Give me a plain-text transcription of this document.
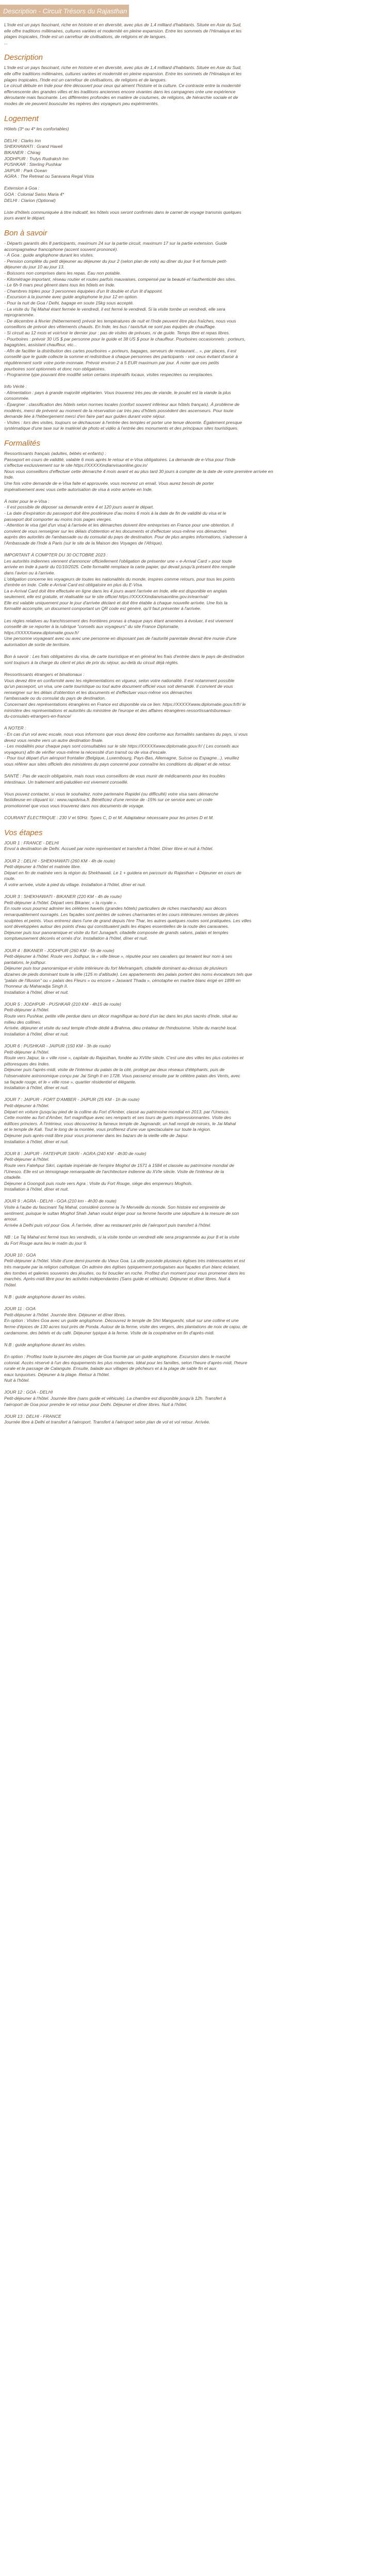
Description - Circuit Trésors du Rajasthan et extension Goa ***

L'Inde est un pays fascinant, riche en histoire et en diversité, avec plus de 1,4 milliard d'habitants. Située en Asie du Sud,

elle offre traditions millénaires, cultures variées et modernité en pleine expansion. Entre les sommets de l'Himalaya et les

plages tropicales, l'Inde est un carrefour de civilisations, de religions et de langues.

...

Description

L'Inde est un pays fascinant, riche en histoire et en diversité, avec plus de 1,4 milliard d'habitants. Située en Asie du Sud,

elle offre traditions millénaires, cultures variées et modernité en pleine expansion. Entre les sommets de l'Himalaya et les

plages tropicales, l'Inde est un carrefour de civilisations, de religions et de langues.

Le circuit débute en Inde pour être découvert pour ceux qui aiment l'histoire et la culture. Ce contraste entre la modernité

effervescente des grandes villes et les traditions anciennes encore vivantes dans les campagnes crée une expérience

déroutante mais fascinante. Les différentes profondes en matière de coutumes, de religions, de hiérarchie sociale et de

modes de vie peuvent bousculer les repères des voyageurs peu expérimentés.

Logement

Hôtels (3* ou 4* les confortables)

DELHI : Clarks Inn

SHEKHAWATI : Grand Haveli

BIKANER : Chirag

JODHPUR : Trulys Rudraksh Inn

PUSHKAR : Sterling Pushkar

JAIPUR : Park Ocean

AGRA : The Retreat ou Saravana Regal Vista

Extension à Goa :

GOA : Colonial Swiss Maria 4*

DELHI : Clarion (Optional)

Liste d'hôtels communiquée à titre indicatif, les hôtels vous seront confirmés dans le carnet de voyage transmis quelques

jours avant le départ.

Bon à savoir

- Départs garantis dès 8 participants, maximum 24 sur la partie circuit, maximum 17 sur la partie extension. Guide

accompagnateur francophone (accent souvent prononcé).

- À Goa : guide anglophone durant les visites.

- Pension complète du petit déjeuner au déjeuner du jour 2 (selon plan de vols) au dîner du jour 9 et formule petit-

déjeuner du jour 10 au jour 13.

- Boissons non comprises dans les repas. Eau non potable.

- Kilométrage important, réseau routier et routes parfois mauvaises, compensé par la beauté et l'authenticité des sites.

- Le 6h-9 mars peut gênent dans tous les hôtels en Inde.

- Chambres triples pour 3 personnes équipées d'un lit double et d'un lit d'appoint.

- Excursion à la journée avec guide anglophone le jour 12 en option.

- Pour la nuit de Goa / Delhi, bagage en soute 15kg sous accepté.

- La visite du Taj Mahal étant fermée le vendredi, il est fermé le vendredi. Si la visite tombe un vendredi, elle sera

reprogrammée.

- De décembre à février (hébernement) prévoir les températures de nuit et l'Inde peuvent être plus fraîches, nous vous

conseillons de prévoir des vêtements chauds. En Inde, les bus / taxis/tuk ne sont pas équipés de chauffage.

- Si circuit au 12 mois et voir/voir le dernier jour : pas de visites de prévues, ni de guide. Temps libre et repas libres.

- Pourboires : prévoir 30 US $ par personne pour le guide et 38 US $ pour le chauffeur. Pourboires occasionnels : porteurs,

bagagistes, assistant chauffeur, etc...

- Afin de faciliter la distribution des cartes pourboires « porteurs, bagages, serveurs de restaurant... », par places, il est

conseillé que le guide collecte la somme et redistribue à chaque personnes des participants - voir ceux évitant d'avoir à

régulièrement sortir votre porte-monnaie. Prévoir environ 2 à 5 EUR maximum par jour. À noter que ces petits

pourboires sont optionnels et donc non obligatoires.

- Programme type pouvant être modifié selon certains impératifs locaux, visites respectées ou remplacées.

Info Vérité :

- Alimentation : pays à grande majorité végétarien. Vous trouverez très peu de viande, le poulet est la viande la plus

consommée.

- Épargner : classification des hôtels selon normes locales (confort souvent inférieur aux hôtels français). À problème de

modérés, merci de prévenir au moment de la réservation car très peu d'hôtels possèdent des ascenseurs. Pour toute

demande liée à l'hébergement merci d'en faire part aux guides durant votre séjour.

- Visites : lors des visites, toujours se déchausser à l'entrée des temples et porter une tenue décente. Également presque

systématique d'une taxe sur le matériel de photo et vidéo à l'entrée des monuments et des principaux sites touristiques.

Formalités

Ressortissants français (adultes, bébés et enfants) :

Passeport en cours de validité, valable 6 mois après le retour et e-Visa obligatoires. La demande de e-Visa pour l'Inde

s'effectue exclusivement sur le site https://XXXXXindianvisaonline.gov.in/

Nous vous conseillons d'effectuer cette démarche 4 mois avant et au plus tard 30 jours à compter de la date de votre première arrivée en

Inde.

Une fois votre demande de e-Visa faite et approuvée, vous recevrez un email. Vous aurez besoin de porter

impérativement avec vous cette autorisation de visa à votre arrivée en Inde.

À noter pour le e-Visa :

- Il est possible de déposer sa demande entre 4 et 120 jours avant le départ.

- La date d'expiration du passeport doit être postérieure d'au moins 6 mois à la date de fin de validité du visa et le

passeport doit comporter au moins trois pages vierges.

- Attention le visa (gel d'un visa) à l'arrivée et les démarches doivent être entreprises en France pour une obtention. Il

convient de vous renseigner sur les délais d'obtention et les documents et d'effectuer vous-même vos démarches

auprès des autorités de l'ambassade ou du consulat du pays de destination. Pour de plus amples informations, s'adresser à

l'Ambassade de l'Inde à Paris (sur le site de la Maison des Voyages de l'Afrique).

IMPORTANT À COMPTER DU 30 OCTOBRE 2023 :

Les autorités indiennes viennent d'annoncer officiellement l'obligation de présenter une « e-Arrival Card » pour toute

arrivée en Inde à partir du 01/10/2025. Cette formalité remplace la carte papier, qui devait jusqu'à présent être remplie

dans l'avion ou à l'arrivée.

L'obligation concerne les voyageurs de toutes les nationalités du monde, inspires comme retours, pour tous les points

d'entrée en Inde. Celle e-Arrival Card est obligatoire en plus du E-Visa.

La e-Arrival Card doit être effectuée en ligne dans les 4 jours avant l'arrivée en Inde, elle est disponible en anglais

seulement, elle est gratuite, et réalisable sur le site officiel https://XXXXXindianvisaonline.gov.in/earrival/

Elle est valable uniquement pour le jour d'arrivée déclaré et doit être établie à chaque nouvelle arrivée. Une fois la

formalité accomplie, un document comportant un QR code est généré, qu'il faut présenter à l'arrivée.

Les règles relatives au franchissement des frontières pronas à chaque pays étant amenées à évoluer, il est vivement

conseillé de se reporter à la rubrique "conseils aux voyageurs" du site France Diplomatie,

https://XXXXXwww.diplomatie.gouv.fr/

Une personne voyageant avec ou avec une personne en disposant pas de l'autorité parentale devrait être munie d'une

autorisation de sortie de territoire.

Bon à savoir : Les frais obligatoires du visa, de carte touristique et en général les frais d'entrée dans le pays de destination

sont toujours à la charge du client et plus de prix du séjour, au-delà du circuit déjà réglés.

Ressortissants étrangers et binationaux :

Vous devez être en conformité avec les réglementations en vigueur, selon votre nationalité. Il est notamment possible

qu'un passeport, un visa, une carte touristique ou tout autre document officiel vous soit demandé. Il convient de vous

renseigner sur les délais d'obtention et les documents et d'effectuer vous-même vos démarches

l'ambassade ou du consulat du pays de destination.

Concernant des représentations étrangères en France est disponible via ce lien: https://XXXXXwww.diplomatie.gouv.fr/fr/ le

ministère des représentations et autorités du ministère de l'europe et des affaires étrangères-ressortissantsbureaux-

du-consulats-etrangers-en-france/

A NOTER :

- En cas d'un vol avec escale, nous vous informons que vous devez être conforme aux formalités sanitaires du pays, si vous

devez vous rendre vers un autre destination finale.

- Les modalités pour chaque pays sont consultables sur le site https://XXXXXwww.diplomatie.gouv.fr/ ( Les conseils aux

voyageurs) afin de vérifier vous-même la nécessité d'un transit ou de visa d'escale.

- Pour tout départ d'un aéroport frontalier (Belgique, Luxembourg, Pays-Bas, Allemagne, Suisse ou Espagne...), veuillez

vous référer aux sites officiels des ministères du pays concerné pour connaître les conditions du départ et de retour.

SANTÉ : Pas de vaccin obligatoire, mais nous vous conseillons de vous munir de médicaments pour les troubles

intestinaux. Un traitement anti-paludéen est vivement conseillé.

Vous pouvez contacter, si vous le souhaitez, notre partenaire Rapidel (ou difficulté) votre visa sans démarche

fastidieuse en cliquant ici : www.rapidvisa.fr. Bénéficiez d'une remise de -15% sur ce service avec un code

promotionnel que vous vous trouverez dans nos documents de voyage.

COURANT ÉLECTRIQUE : 230 V et 50Hz. Types C, D et M. Adaptateur nécessaire pour les prises D et M.

Vos étapes

JOUR 1 : FRANCE - DELHI

Envol à destination de Delhi. Accueil par notre représentant et transfert à l'hôtel. Dîner libre et nuit à l'hôtel.

JOUR 2 : DELHI - SHEKHAWATI (260 KM - 4h de route)

Petit-déjeuner à l'hôtel et matinée libre.

Départ en fin de matinée vers la région du Shekhawati. Le 1 + guidera en parcourir du Rajasthan « Déjeuner en cours de

route.

À votre arrivée, visite à pied du village. Installation à l'hôtel, dîner et nuit.

JOUR 3 : SHEKHAWATI - BIKANER (220 KM - 4h de route)

Petit-déjeuner à l'hôtel. Départ vers Bikaner, « la royale ».

En route vous pourrez admirer les célèbres havelis (grandes hôtels) particuliers de riches marchands) aux décors

remarquablement ouvragés. Les façades sont peintes de scènes charmantes et les cours intérieures remises de pièces

sculptées et peints. Vous entrerez dans l'une de grand depuis l'ère Thar, les autres quelques routes sont pratiquées. Les villes

sont développées autour des points d'eau qui constituaient jadis les étapes essentielles de la route des caravanes.

Déjeuner puis tour panoramique et visite du fort Junagarh, citadelle composée de grands salons, palais et temples

somptueusement décorés et ornés d'or. Installation à l'hôtel, dîner et nuit.

JOUR 4 : BIKANER - JODHPUR (260 KM - 5h de route)

Petit-déjeuner à l'hôtel. Route vers Jodhpur, la « ville bleue », réputée pour ses cavaliers qui tenaient leur nom à ses

pantalons, le jodhpur.

Déjeuner puis tour panoramique et visite intérieure du fort Mehrangarh, citadelle dominant au-dessus de plusieurs

dizaines de pieds dominant toute la ville (125 m d'altitude). Les appartements des palais portent des noms évocateurs tels que

"palais de l'illusion" ou « palais des Fleurs » ou encore « Jaswant Thada », cénotaphe en marbre blanc érigé en 1899 en

l'honneur du Maharadja Singh II.

Installation à l'hôtel, dîner et nuit.

JOUR 5 : JODHPUR - PUSHKAR (210 KM - 4h15 de route)

Petit-déjeuner à l'hôtel.

Route vers Pushkar, petite ville perdue dans un décor magnifique au bord d'un lac dans les plus sacrés d'Inde, situé au

milieu des collines.

Arrivée, déjeuner et visite du seul temple d'Inde dédié à Brahma, dieu créateur de l'hindouisme. Visite du marché local.

Installation à l'hôtel, dîner et nuit.

JOUR 6 : PUSHKAR - JAIPUR (150 KM - 3h de route)

Petit-déjeuner à l'hôtel.

Route vers Jaipur, la « ville rose », capitale du Rajasthan, fondée au XVIIIe siècle. C'est une des villes les plus colorées et

pittoresques des Indes.

Déjeuner puis l'après-midi, visite de l'intérieur du palais de la cité, protégé par deux réseaux d'éléphants, puis de

l'observatoire astronomique conçu par Jai Singh II en 1728. Vous passerez ensuite par le célèbre palais des Vents, avec

sa façade rouge, et le « ville rose », quartier résidentiel et élégante.

Installation à l'hôtel, dîner et nuit.

JOUR 7 : JAIPUR - FORT D'AMBER - JAIPUR (25 KM - 1h de route)

Petit-déjeuner à l'hôtel.

Départ en voiture (jusqu'au pied de la colline du Fort d'Amber, classé au patrimoine mondial en 2013, par l'Unesco.

Cette montée au fort d'Amber, fort magnifique avec ses remparts et ses tours de guets impressionnantes. Visite des

édifices princiers. À l'intérieur, vous découvrirez la fameux temple de Jagmandir, un hall rempli de miroirs, le Jai Mahal

et le temple de Kali. Tout le long de la montée, vous profiterez d'une vue spectaculaire sur toute la région.

Déjeuner puis après-midi libre pour vous promener dans les bazars de la vieille ville de Jaipur.

Installation à l'hôtel, dîner et nuit.

JOUR 8 : JAIPUR - FATEHPUR SIKRI - AGRA (240 KM - 4h30 de route)

Petit-déjeuner à l'hôtel.

Route vers Fatehpur Sikri, capitale impériale de l'empire Moghol de 1571 à 1584 et classée au patrimoine mondial de

l'Unesco. Elle est un témoignage remarquable de l'architecture indienne du XVIe siècle. Visite de l'intérieur de la

citadelle.

Déjeuner à Goongoli puis route vers Agra : Visite du Fort Rouge, siège des empereurs Moghols.

Installation à l'hôtel, dîner et nuit.

JOUR 9 : AGRA - DELHI - GOA (210 km - 4h30 de route)

Visite à l'aube du fascinant Taj Mahal, considéré comme la 7e Merveille du monde. Son histoire est empreinte de

sentiment, puisque le sultan Moghol Shah Jahan voulut ériger pour sa femme favorite une sépulture à la mesure de son

amour.

Arrivée à Delhi puis vol pour Goa. À l'arrivée, dîner au restaurant près de l'aéroport puis transfert à l'hôtel.

NB : Le Taj Mahal est fermé tous les vendredis, si la visite tombe un vendredi elle sera programmée au jour 8 et la visite

du Fort Rouge aura lieu le matin du jour 9.

JOUR 10 : GOA

Petit-déjeuner à l'hôtel. Visite d'une demi-journée du Vieux Goa. La ville possède plusieurs églises très intéressantes et est

très marquée par la religion catholique. On admire des églises typiquement portugaises aux façades d'un blanc éclatant,

des tombes et galeries souvenirs des jésuites, ou foi bouclier en roche. Profitez d'un moment pour vous promener dans les

marchés. Après-midi libre pour les activités indépendantes (Sans guide et véhicule). Déjeuner et dîner libres. Nuit à

l'hôtel.

N.B : guide anglophone durant les visites.

JOUR 11 : GOA

Petit-déjeuner à l'hôtel. Journée libre. Déjeuner et dîner libres.

En option : Visites Goa avec un guide anglophone. Découvrez le temple de Shri Mangueshi, situé sur une colline et une

ferme d'épices de 130 acres tout près de Ponda. Autour de la ferme, visite des vergers, des plantations de noix de cajou, de

cardamome, des bétels et du café. Déjeuner typique à la ferme. Visite de la coopérative en fin d'après-midi.

N.B : guide anglophone durant les visites.

En option : Profitez toute la journée des plages de Goa fournie par un guide anglophone. Excursion dans le marché

colonial. Accès réservé à l'un des équipements les plus modernes. Idéal pour les familles, selon l'heure d'après-midi, l'heure

rurale et le passage de Calangute. Ensuite, balade aux villages de pêcheurs et à la plage de sable fin et aux

eaux turquoises. Déjeuner à la plage. Retour à l'hôtel.

Nuit à l'hôtel.

JOUR 12 : GOA - DELHI

Petit-déjeuner à l'hôtel. Journée libre (sans guide et véhicule). La chambre est disponible jusqu'à 12h. Transfert à

l'aéroport de Goa pour prendre le vol retour pour Delhi. Déjeuner et dîner libres. Nuit à l'hôtel.

JOUR 13 : DELHI - FRANCE

Journée libre à Delhi et transfert à l'aéroport. Transfert à l'aéroport selon plan de vol et vol retour. Arrivée.
